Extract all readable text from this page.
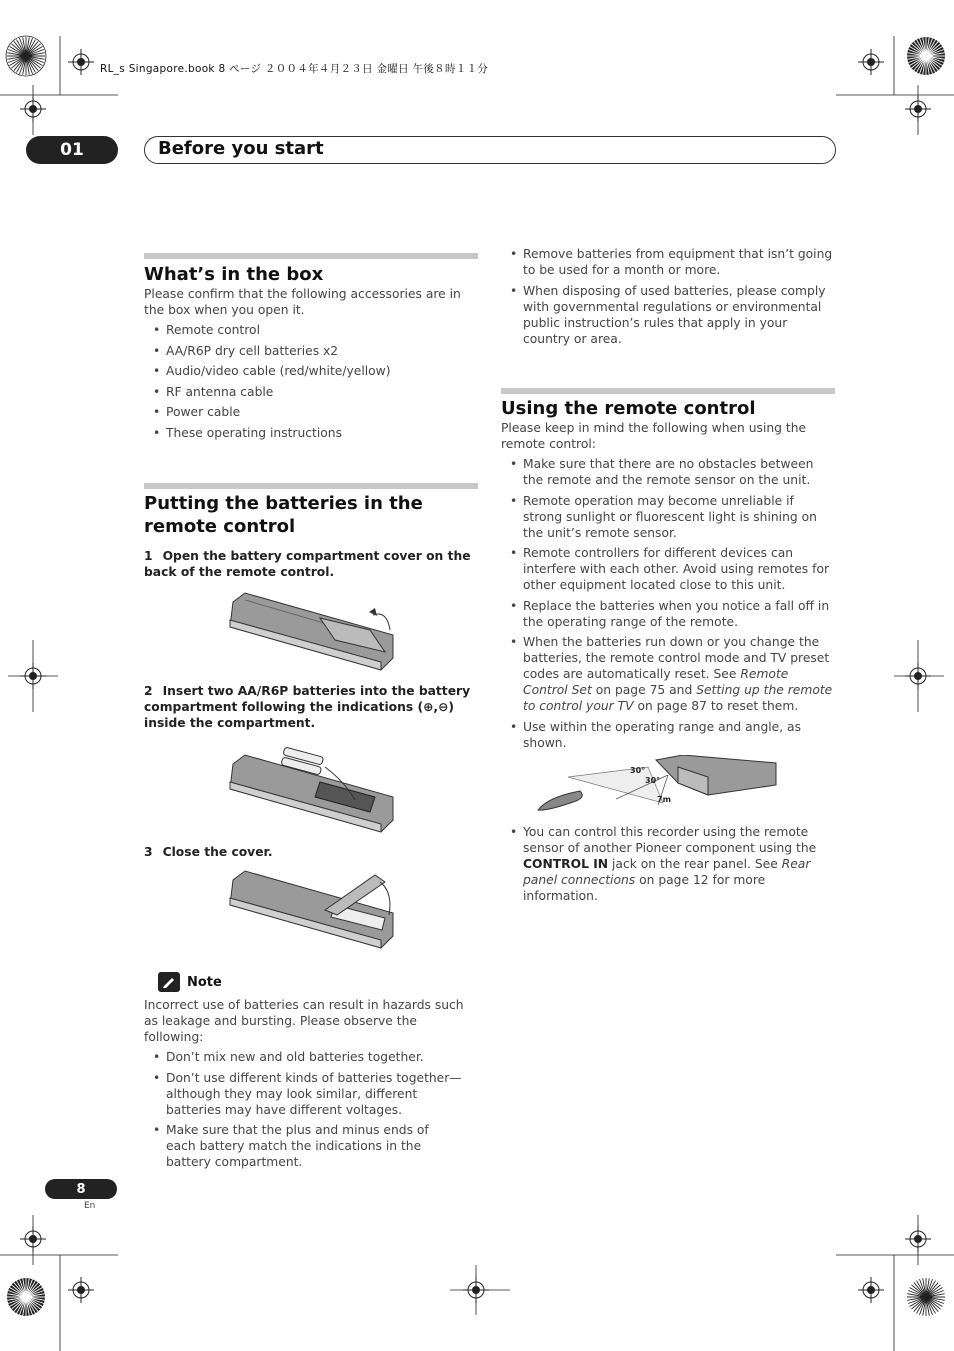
RL_s Singapore.book 8 ページ ２００４年４月２３日 金曜日 午後８時１１分
01	Before you start
What’s in the box
Please confirm that the following accessories are in the box when you open it.
• Remote control
• AA/R6P dry cell batteries x2
• Audio/video cable (red/white/yellow)
• RF antenna cable
• Power cable
• These operating instructions
Putting the batteries in the remote control
1 Open the battery compartment cover on the back of the remote control.
2 Insert two AA/R6P batteries into the battery compartment following the indications (⊕,⊖) inside the compartment.
3 Close the cover.
Note
Incorrect use of batteries can result in hazards such as leakage and bursting. Please observe the following:
• Don’t mix new and old batteries together.
• Don’t use different kinds of batteries together—although they may look similar, different batteries may have different voltages.
• Make sure that the plus and minus ends of each battery match the indications in the battery compartment.
• Remove batteries from equipment that isn’t going to be used for a month or more.
• When disposing of used batteries, please comply with governmental regulations or environmental public instruction’s rules that apply in your country or area.
Using the remote control
Please keep in mind the following when using the remote control:
• Make sure that there are no obstacles between the remote and the remote sensor on the unit.
• Remote operation may become unreliable if strong sunlight or fluorescent light is shining on the unit’s remote sensor.
• Remote controllers for different devices can interfere with each other. Avoid using remotes for other equipment located close to this unit.
• Replace the batteries when you notice a fall off in the operating range of the remote.
• When the batteries run down or you change the batteries, the remote control mode and TV preset codes are automatically reset. See Remote Control Set on page 75 and Setting up the remote to control your TV on page 87 to reset them.
• Use within the operating range and angle, as shown.
30°
30°
7m
• You can control this recorder using the remote sensor of another Pioneer component using the CONTROL IN jack on the rear panel. See Rear panel connections on page 12 for more information.
8
En
